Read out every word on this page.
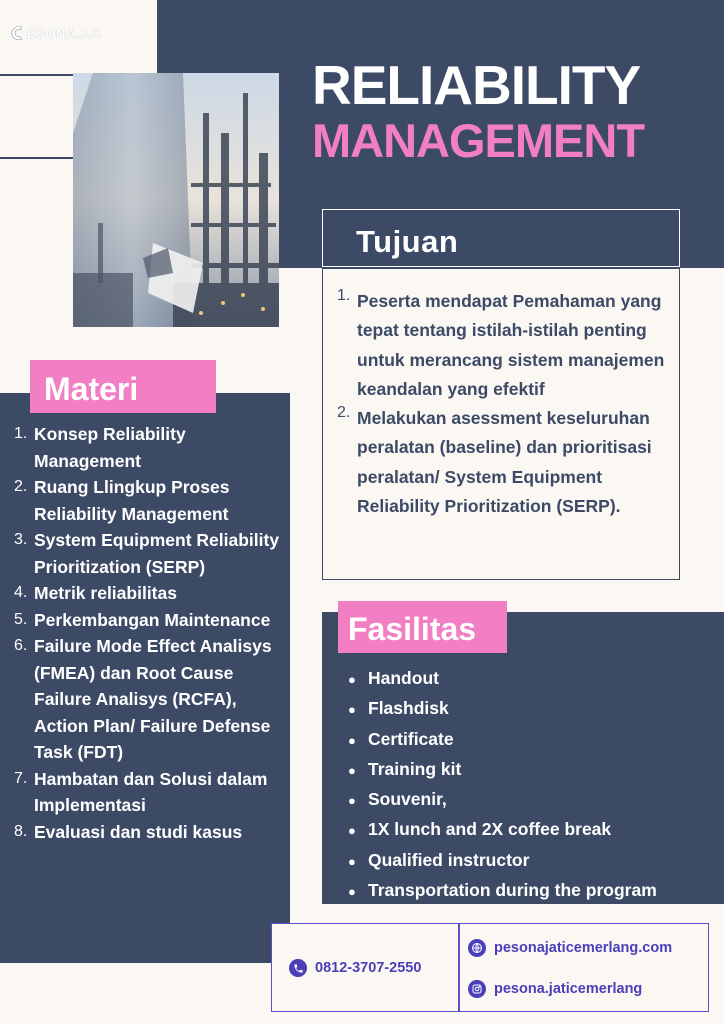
ESONA.J.C
RELIABILITY
MANAGEMENT
Tujuan
1. Peserta mendapat Pemahaman yang tepat tentang istilah-istilah penting untuk merancang sistem manajemen keandalan yang efektif
2. Melakukan asessment keseluruhan peralatan (baseline) dan prioritisasi peralatan/ System Equipment Reliability Prioritization (SERP).
Materi
1. Konsep Reliability Management
2. Ruang Llingkup Proses Reliability Management
3. System Equipment Reliability Prioritization (SERP)
4. Metrik reliabilitas
5. Perkembangan Maintenance
6. Failure Mode Effect Analisys (FMEA) dan Root Cause Failure Analisys (RCFA), Action Plan/ Failure Defense Task (FDT)
7. Hambatan dan Solusi dalam Implementasi
8. Evaluasi dan studi kasus
Fasilitas
● Handout
● Flashdisk
● Certificate
● Training kit
● Souvenir,
● 1X lunch and 2X coffee break
● Qualified instructor
● Transportation during the program
0812-3707-2550
pesonajaticemerlang.com
pesona.jaticemerlang
